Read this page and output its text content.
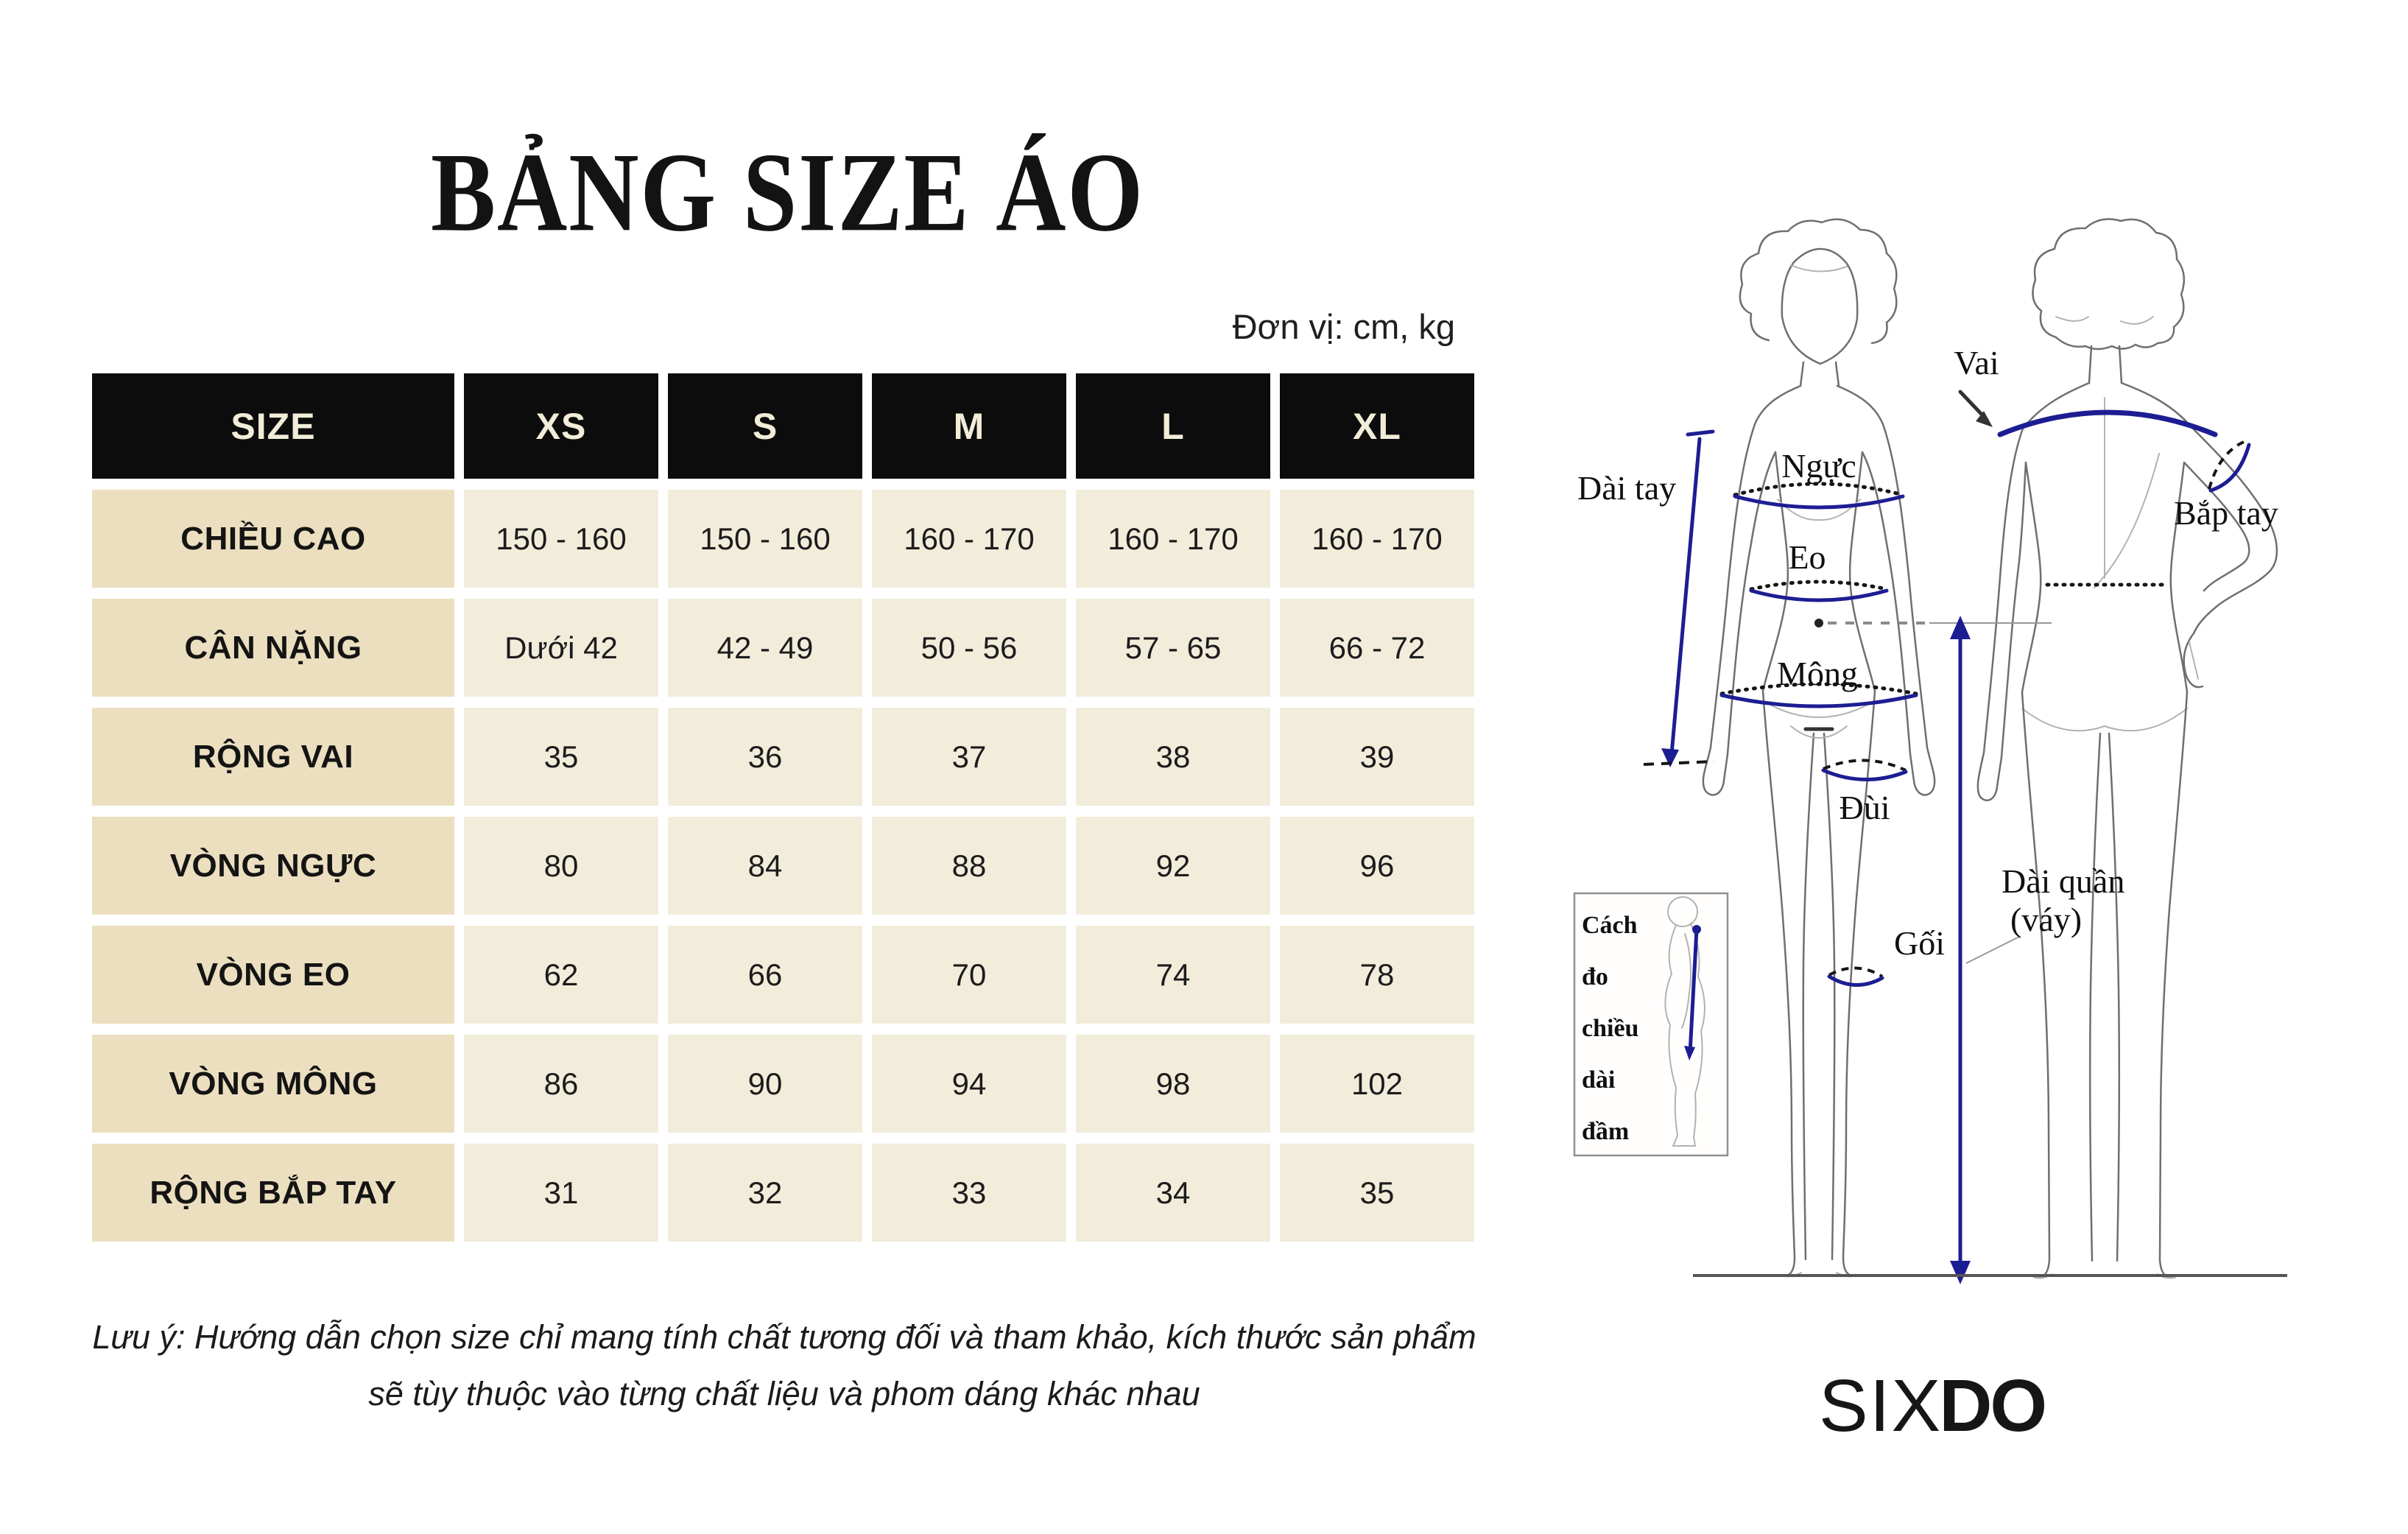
BẢNG SIZE ÁO
Đơn vị: cm, kg
SIZE	XS	S	M	L	XL
CHIỀU CAO	150 - 160	150 - 160	160 - 170	160 - 170	160 - 170
CÂN NẶNG	Dưới 42	42 - 49	50 - 56	57 - 65	66 - 72
RỘNG VAI	35	36	37	38	39
VÒNG NGỰC	80	84	88	92	96
VÒNG EO	62	66	70	74	78
VÒNG MÔNG	86	90	94	98	102
RỘNG BẮP TAY	31	32	33	34	35
Lưu ý: Hướng dẫn chọn size chỉ mang tính chất tương đối và tham khảo, kích thước sản phẩm
sẽ tùy thuộc vào từng chất liệu và phom dáng khác nhau
Cách
đo
chiều
dài
đầm
Vai
Ngực
Dài tay
Bắp tay
Eo
Mông
Đùi
Gối
Dài quần
(váy)
SIXDO
